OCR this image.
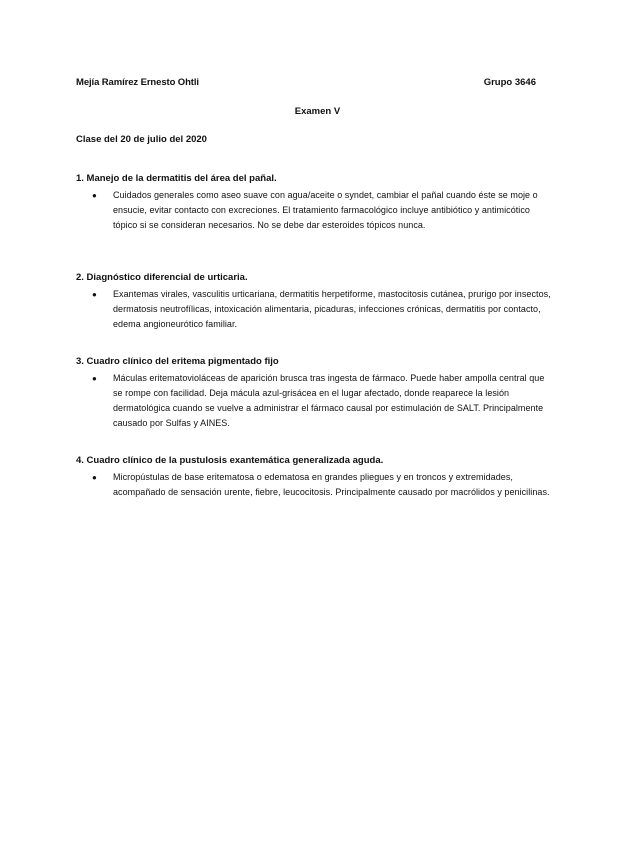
Mejía Ramírez Ernesto Ohtli	Grupo 3646
Examen V
Clase del 20 de julio del 2020

1. Manejo de la dermatitis del área del pañal.

● Cuidados generales como aseo suave con agua/aceite o syndet, cambiar el pañal cuando éste se moje o ensucie, evitar contacto con excreciones. El tratamiento farmacológico incluye antibiótico y antimicótico tópico si se consideran necesarios. No se debe dar esteroides tópicos nunca.

2. Diagnóstico diferencial de urticaria.

● Exantemas virales, vasculitis urticariana, dermatitis herpetiforme, mastocitosis cutánea, prurigo por insectos, dermatosis neutrofílicas, intoxicación alimentaria, picaduras, infecciones crónicas, dermatitis por contacto, edema angioneurótico familiar.

3. Cuadro clínico del eritema pigmentado fijo

● Máculas eritematovioláceas de aparición brusca tras ingesta de fármaco. Puede haber ampolla central que se rompe con facilidad. Deja mácula azul-grisácea en el lugar afectado, donde reaparece la lesión dermatológica cuando se vuelve a administrar el fármaco causal por estimulación de SALT. Principalmente causado por Sulfas y AINES.

4. Cuadro clínico de la pustulosis exantemática generalizada aguda.

● Micropústulas de base eritematosa o edematosa en grandes pliegues y en troncos y extremidades, acompañado de sensación urente, fiebre, leucocitosis. Principalmente causado por macrólidos y penicilinas.
